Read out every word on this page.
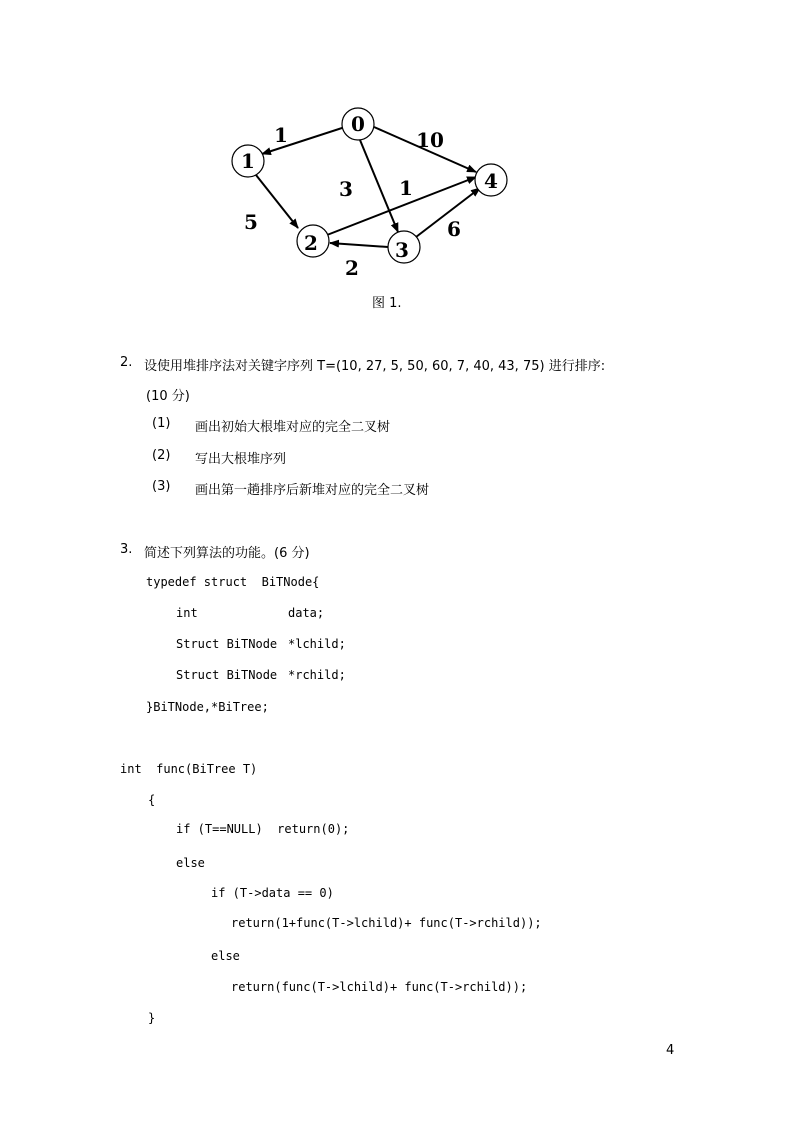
0
1
2	3
4
1	10
3
5
1
2
6
图 1.
2. 设使用堆排序法对关键字序列 T=(10, 27, 5, 50, 60, 7, 40, 43, 75) 进行排序:
(10 分)
(1) 画出初始大根堆对应的完全二叉树
(2) 写出大根堆序列
(3) 画出第一趟排序后新堆对应的完全二叉树
3. 简述下列算法的功能。(6 分)
typedef struct  BiTNode{
int	data;
Struct BiTNode *lchild;
Struct BiTNode *rchild;
}BiTNode,*BiTree;
int  func(BiTree T)
{
if (T==NULL)  return(0);
else
if (T->data == 0)
return(1+func(T->lchild)+ func(T->rchild));
else
return(func(T->lchild)+ func(T->rchild));
}
4
